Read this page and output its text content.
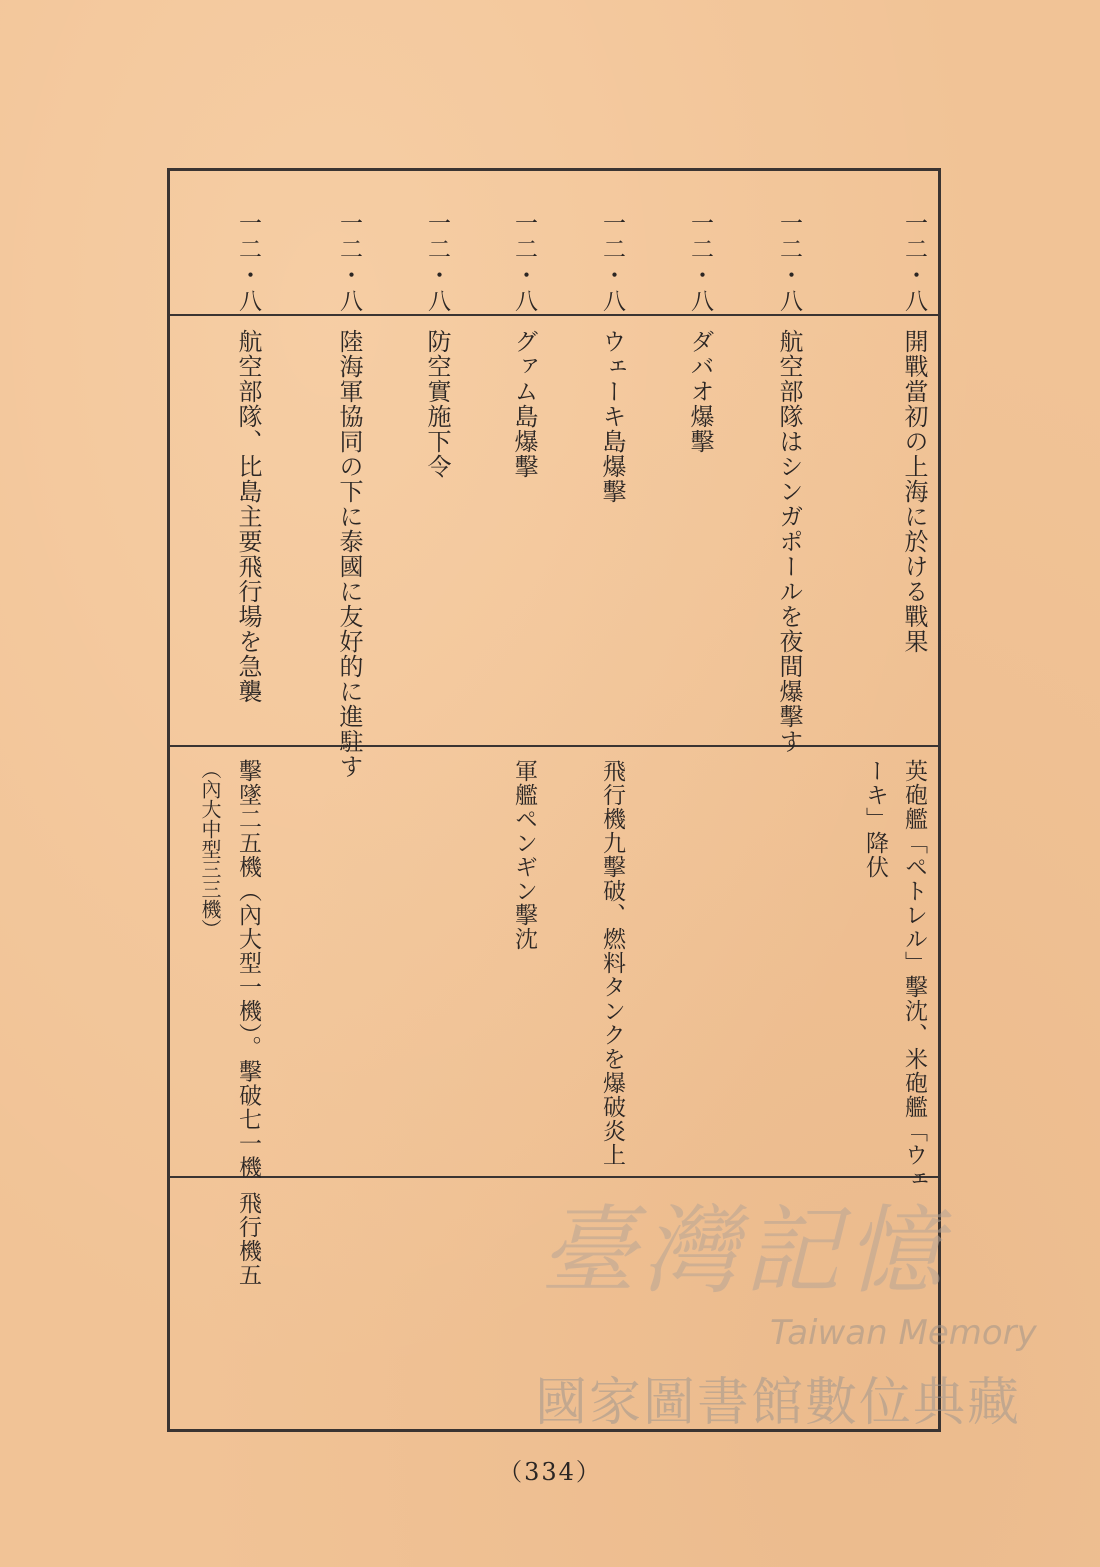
一二・八
開戰當初の上海に於ける戰果
英砲艦「ペトレル」擊沈、米砲艦「ウェ
ーキ」降伏
一二・八
航空部隊はシンガポールを夜間爆擊す
一二・八
ダバオ爆擊
一二・八
ウェーキ島爆擊
飛行機九擊破、燃料タンクを爆破炎上
一二・八
グァム島爆擊
軍艦ペンギン擊沈
一二・八
防空實施下令
一二・八
陸海軍協同の下に泰國に友好的に進駐す
一二・八
航空部隊、比島主要飛行場を急襲
擊墜二五機（內大型一機）。擊破七一機
（內大中型三三機）
飛行機五
（334）
臺灣記憶
Taiwan Memory
國家圖書館數位典藏
